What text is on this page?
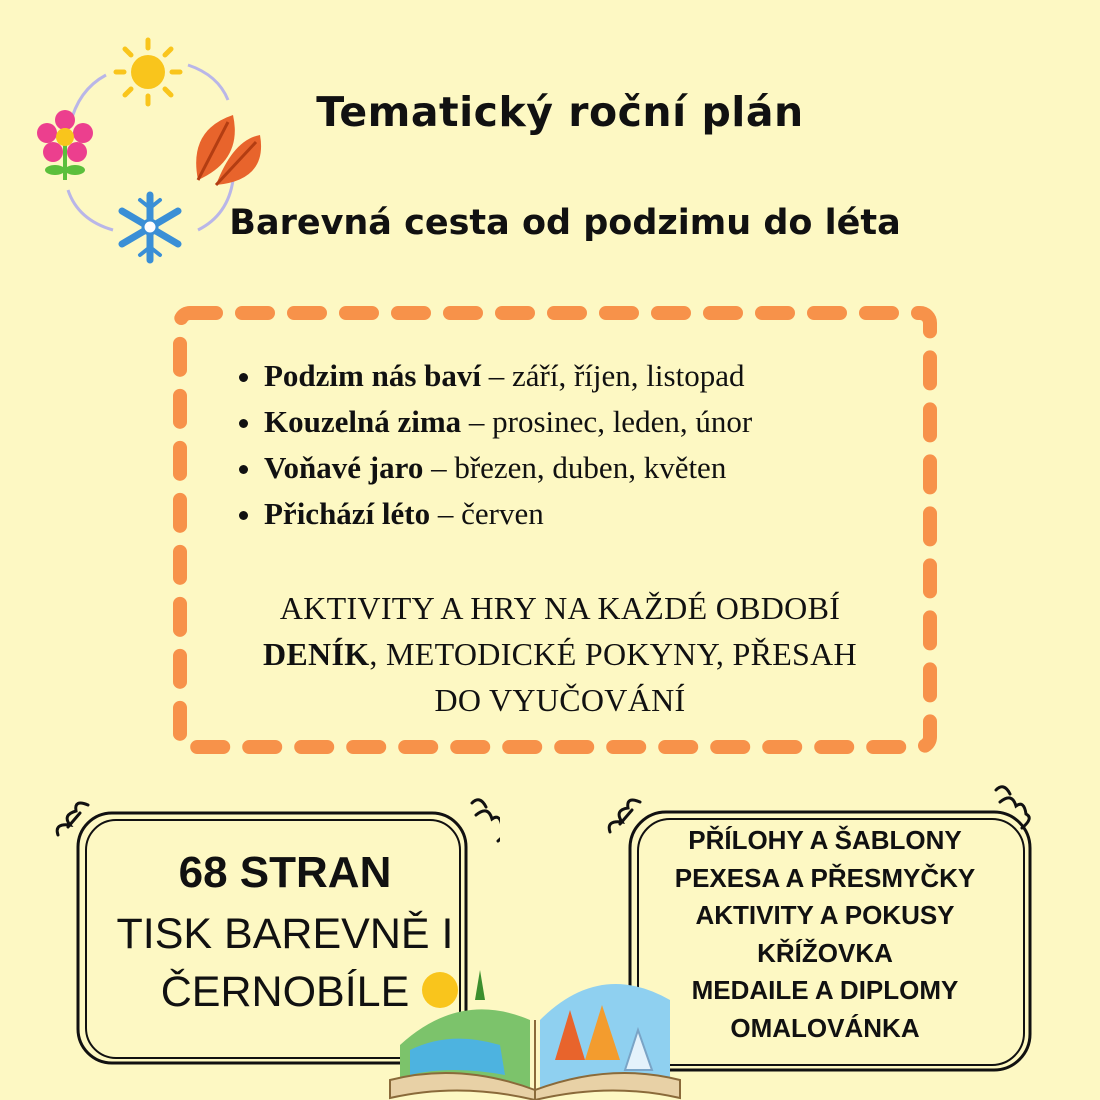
Tematický roční plán
Barevná cesta od podzimu do léta
• Podzim nás baví – září, říjen, listopad
• Kouzelná zima – prosinec, leden, únor
• Voňavé jaro – březen, duben, květen
• Přichází léto – červen
AKTIVITY A HRY NA KAŽDÉ OBDOBÍ
DENÍK, METODICKÉ POKYNY, PŘESAH
DO VYUČOVÁNÍ
68 STRAN
TISK BAREVNĚ I
ČERNOBÍLE
PŘÍLOHY A ŠABLONY
PEXESA A PŘESMYČKY
AKTIVITY A POKUSY
KŘÍŽOVKA
MEDAILE A DIPLOMY
OMALOVÁNKA
